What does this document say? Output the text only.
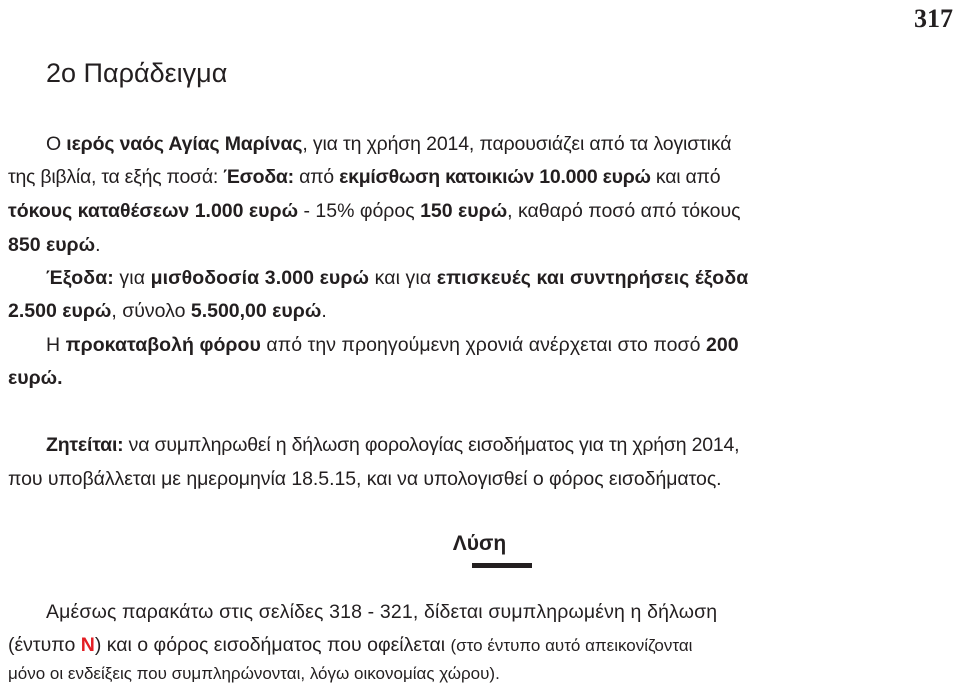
317
2ο Παράδειγμα
Ο ιερός ναός Αγίας Μαρίνας, για τη χρήση 2014, παρουσιάζει από τα λογιστικά
της βιβλία, τα εξής ποσά: Έσοδα: από εκμίσθωση κατοικιών 10.000 ευρώ και από
τόκους καταθέσεων 1.000 ευρώ - 15% φόρος 150 ευρώ, καθαρό ποσό από τόκους
850 ευρώ.
Έξοδα: για μισθοδοσία 3.000 ευρώ και για επισκευές και συντηρήσεις έξοδα
2.500 ευρώ, σύνολο 5.500,00 ευρώ.
Η προκαταβολή φόρου από την προηγούμενη χρονιά ανέρχεται στο ποσό 200
ευρώ.
Ζητείται: να συμπληρωθεί η δήλωση φορολογίας εισοδήματος για τη χρήση 2014,
που υποβάλλεται με ημερομηνία 18.5.15, και να υπολογισθεί ο φόρος εισοδήματος.
Λύση
Αμέσως παρακάτω στις σελίδες 318 - 321, δίδεται συμπληρωμένη η δήλωση
(έντυπο Ν) και ο φόρος εισοδήματος που οφείλεται (στο έντυπο αυτό απεικονίζονται
μόνο οι ενδείξεις που συμπληρώνονται, λόγω οικονομίας χώρου).
